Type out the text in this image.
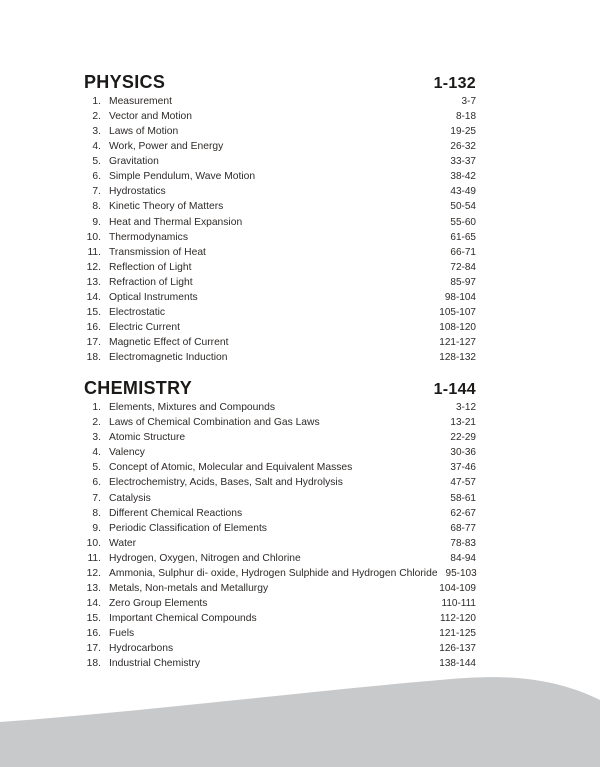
PHYSICS	1-132
1. Measurement	3-7
2. Vector and Motion	8-18
3. Laws of Motion	19-25
4. Work, Power and Energy	26-32
5. Gravitation	33-37
6. Simple Pendulum, Wave Motion	38-42
7. Hydrostatics	43-49
8. Kinetic Theory of Matters	50-54
9. Heat and Thermal Expansion	55-60
10. Thermodynamics	61-65
11. Transmission of Heat	66-71
12. Reflection of Light	72-84
13. Refraction of Light	85-97
14. Optical Instruments	98-104
15. Electrostatic	105-107
16. Electric Current	108-120
17. Magnetic Effect of Current	121-127
18. Electromagnetic Induction	128-132
CHEMISTRY	1-144
1. Elements, Mixtures and Compounds	3-12
2. Laws of Chemical Combination and Gas Laws	13-21
3. Atomic Structure	22-29
4. Valency	30-36
5. Concept of Atomic, Molecular and Equivalent Masses	37-46
6. Electrochemistry, Acids, Bases, Salt and Hydrolysis	47-57
7. Catalysis	58-61
8. Different Chemical Reactions	62-67
9. Periodic Classification of Elements	68-77
10. Water	78-83
11. Hydrogen, Oxygen, Nitrogen and Chlorine	84-94
12. Ammonia, Sulphur di- oxide, Hydrogen Sulphide and Hydrogen Chloride 95-103
13. Metals, Non-metals and Metallurgy	104-109
14. Zero Group Elements	110-111
15. Important Chemical Compounds	112-120
16. Fuels	121-125
17. Hydrocarbons	126-137
18. Industrial Chemistry	138-144
